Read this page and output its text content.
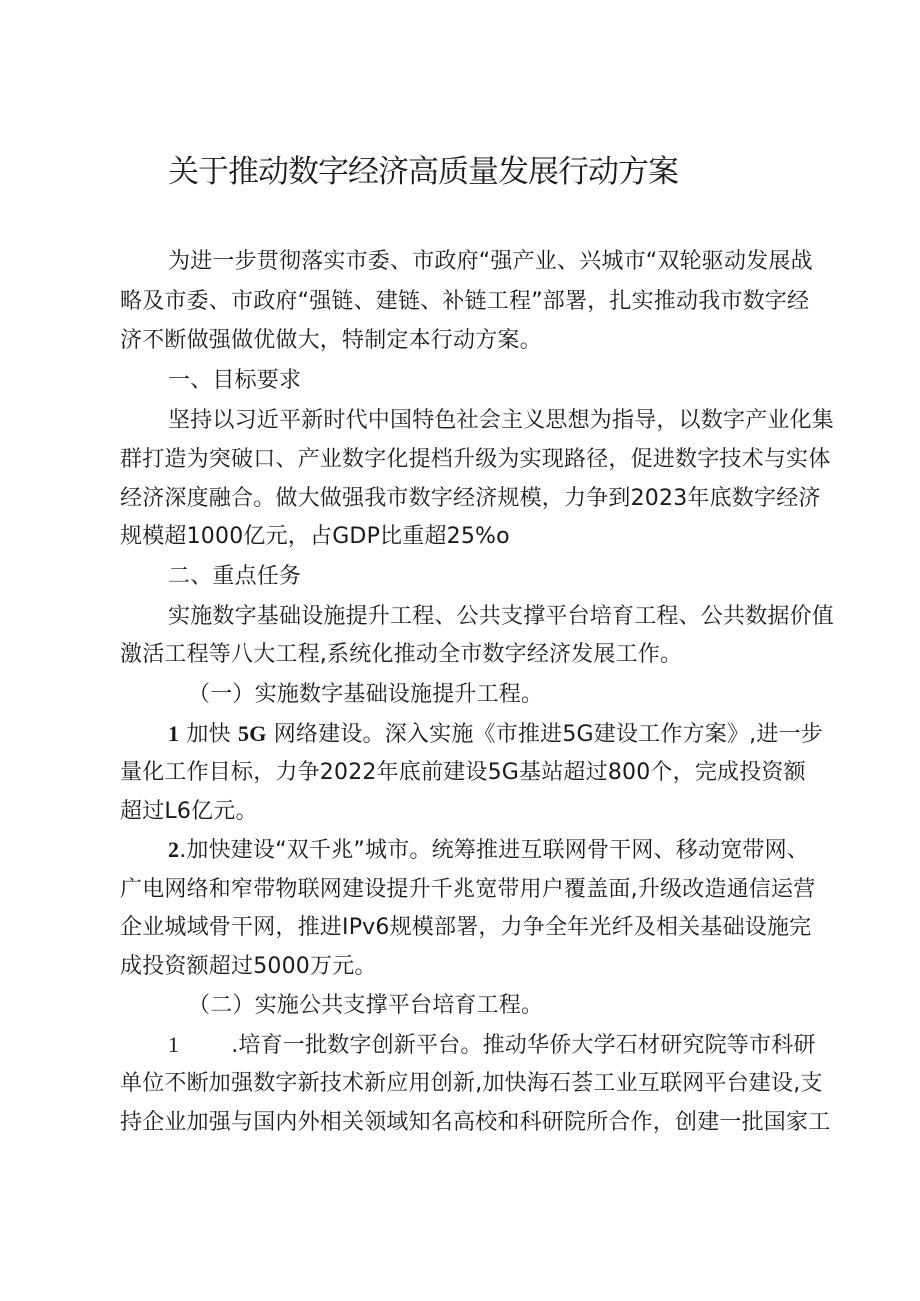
关于推动数字经济高质量发展行动方案
为进一步贯彻落实市委、市政府“强产业、兴城市“双轮驱动发展战
略及市委、市政府“强链、建链、补链工程”部署，扎实推动我市数字经
济不断做强做优做大，特制定本行动方案。
一、目标要求
坚持以习近平新时代中国特色社会主义思想为指导，以数字产业化集
群打造为突破口、产业数字化提档升级为实现路径，促进数字技术与实体
经济深度融合。做大做强我市数字经济规模，力争到2023年底数字经济
规模超1000亿元，占GDP比重超25%o
二、重点任务
实施数字基础设施提升工程、公共支撑平台培育工程、公共数据价值
激活工程等八大工程,系统化推动全市数字经济发展工作。
（一）实施数字基础设施提升工程。
1 加快 5G 网络建设。深入实施《市推进5G建设工作方案》,进一步
量化工作目标，力争2022年底前建设5G基站超过800个，完成投资额
超过L6亿元。
2.加快建设“双千兆”城市。统筹推进互联网骨干网、移动宽带网、
广电网络和窄带物联网建设提升千兆宽带用户覆盖面,升级改造通信运营
企业城域骨干网，推进IPv6规模部署，力争全年光纤及相关基础设施完
成投资额超过5000万元。
（二）实施公共支撑平台培育工程。
1 .培育一批数字创新平台。推动华侨大学石材研究院等市科研
单位不断加强数字新技术新应用创新,加快海石荟工业互联网平台建设,支
持企业加强与国内外相关领域知名高校和科研院所合作，创建一批国家工
